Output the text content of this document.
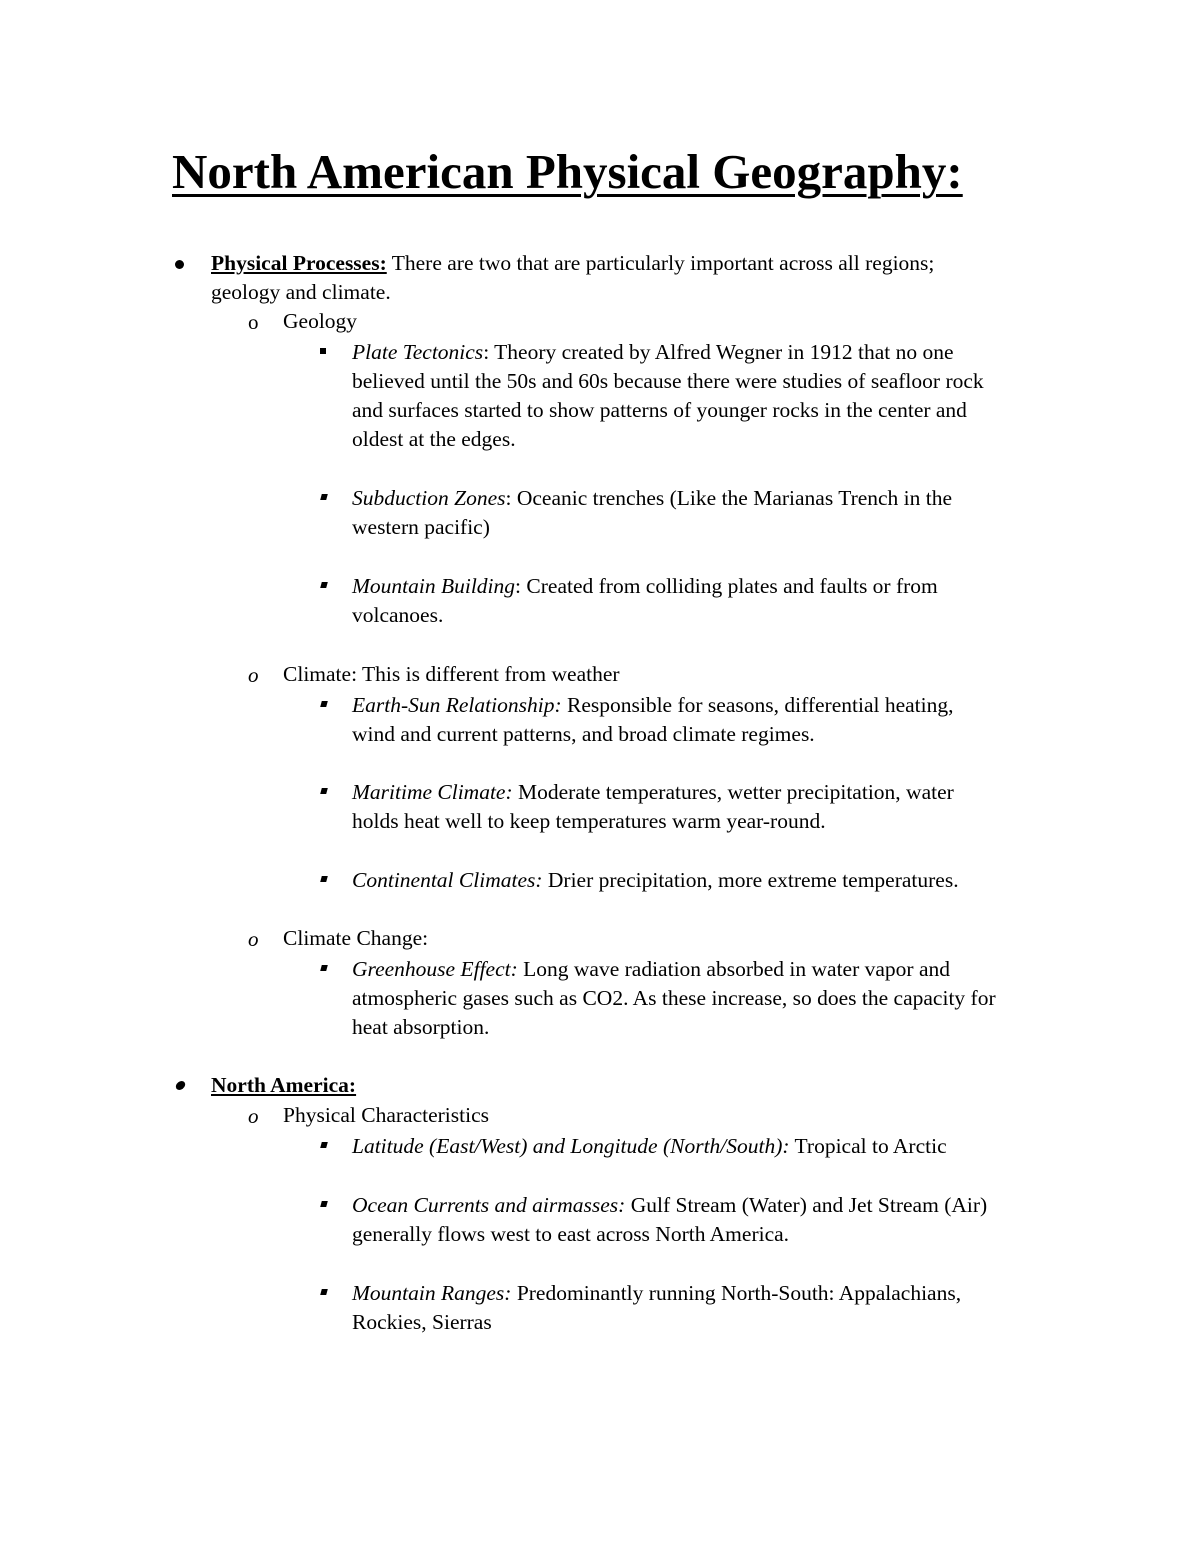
North American Physical Geography:
Physical Processes: There are two that are particularly important across all regions;
geology and climate.
o Geology
Plate Tectonics: Theory created by Alfred Wegner in 1912 that no one
believed until the 50s and 60s because there were studies of seafloor rock
and surfaces started to show patterns of younger rocks in the center and
oldest at the edges.
Subduction Zones: Oceanic trenches (Like the Marianas Trench in the
western pacific)
Mountain Building: Created from colliding plates and faults or from
volcanoes.
o Climate: This is different from weather
Earth-Sun Relationship: Responsible for seasons, differential heating,
wind and current patterns, and broad climate regimes.
Maritime Climate: Moderate temperatures, wetter precipitation, water
holds heat well to keep temperatures warm year-round.
Continental Climates: Drier precipitation, more extreme temperatures.
o Climate Change:
Greenhouse Effect: Long wave radiation absorbed in water vapor and
atmospheric gases such as CO2. As these increase, so does the capacity for
heat absorption.
North America:
o Physical Characteristics
Latitude (East/West) and Longitude (North/South): Tropical to Arctic
Ocean Currents and airmasses: Gulf Stream (Water) and Jet Stream (Air)
generally flows west to east across North America.
Mountain Ranges: Predominantly running North-South: Appalachians,
Rockies, Sierras
